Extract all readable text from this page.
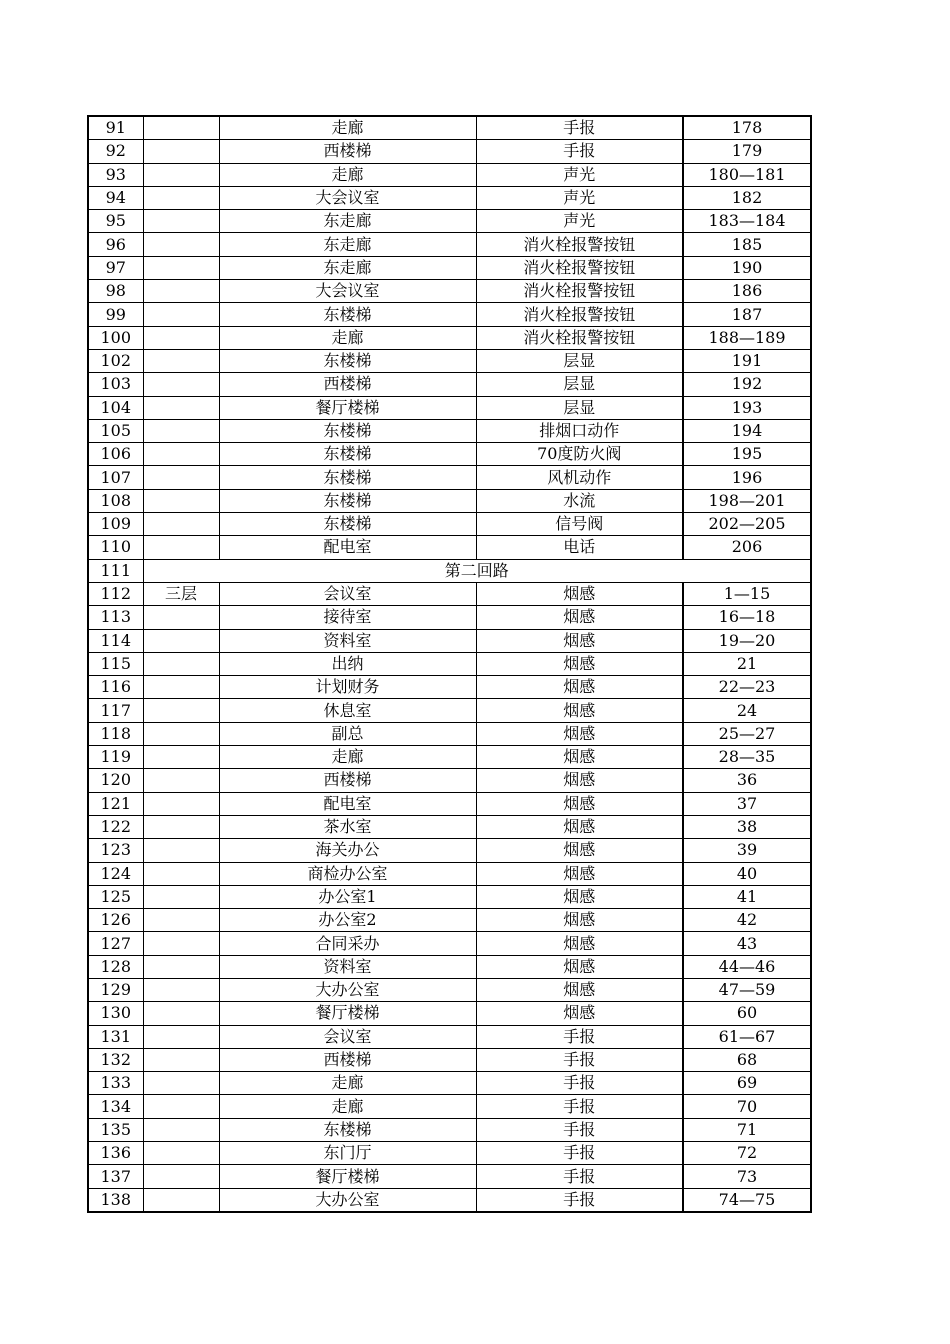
91		走廊	手报	178
92		西楼梯	手报	179
93		走廊	声光	180—181
94		大会议室	声光	182
95		东走廊	声光	183—184
96		东走廊	消火栓报警按钮	185
97		东走廊	消火栓报警按钮	190
98		大会议室	消火栓报警按钮	186
99		东楼梯	消火栓报警按钮	187
100		走廊	消火栓报警按钮	188—189
102		东楼梯	层显	191
103		西楼梯	层显	192
104		餐厅楼梯	层显	193
105		东楼梯	排烟口动作	194
106		东楼梯	70度防火阀	195
107		东楼梯	风机动作	196
108		东楼梯	水流	198—201
109		东楼梯	信号阀	202—205
110		配电室	电话	206
111	第二回路			
112	三层	会议室	烟感	1—15
113		接待室	烟感	16—18
114		资料室	烟感	19—20
115		出纳	烟感	21
116		计划财务	烟感	22—23
117		休息室	烟感	24
118		副总	烟感	25—27
119		走廊	烟感	28—35
120		西楼梯	烟感	36
121		配电室	烟感	37
122		茶水室	烟感	38
123		海关办公	烟感	39
124		商检办公室	烟感	40
125		办公室1	烟感	41
126		办公室2	烟感	42
127		合同采办	烟感	43
128		资料室	烟感	44—46
129		大办公室	烟感	47—59
130		餐厅楼梯	烟感	60
131		会议室	手报	61—67
132		西楼梯	手报	68
133		走廊	手报	69
134		走廊	手报	70
135		东楼梯	手报	71
136		东门厅	手报	72
137		餐厅楼梯	手报	73
138		大办公室	手报	74—75
